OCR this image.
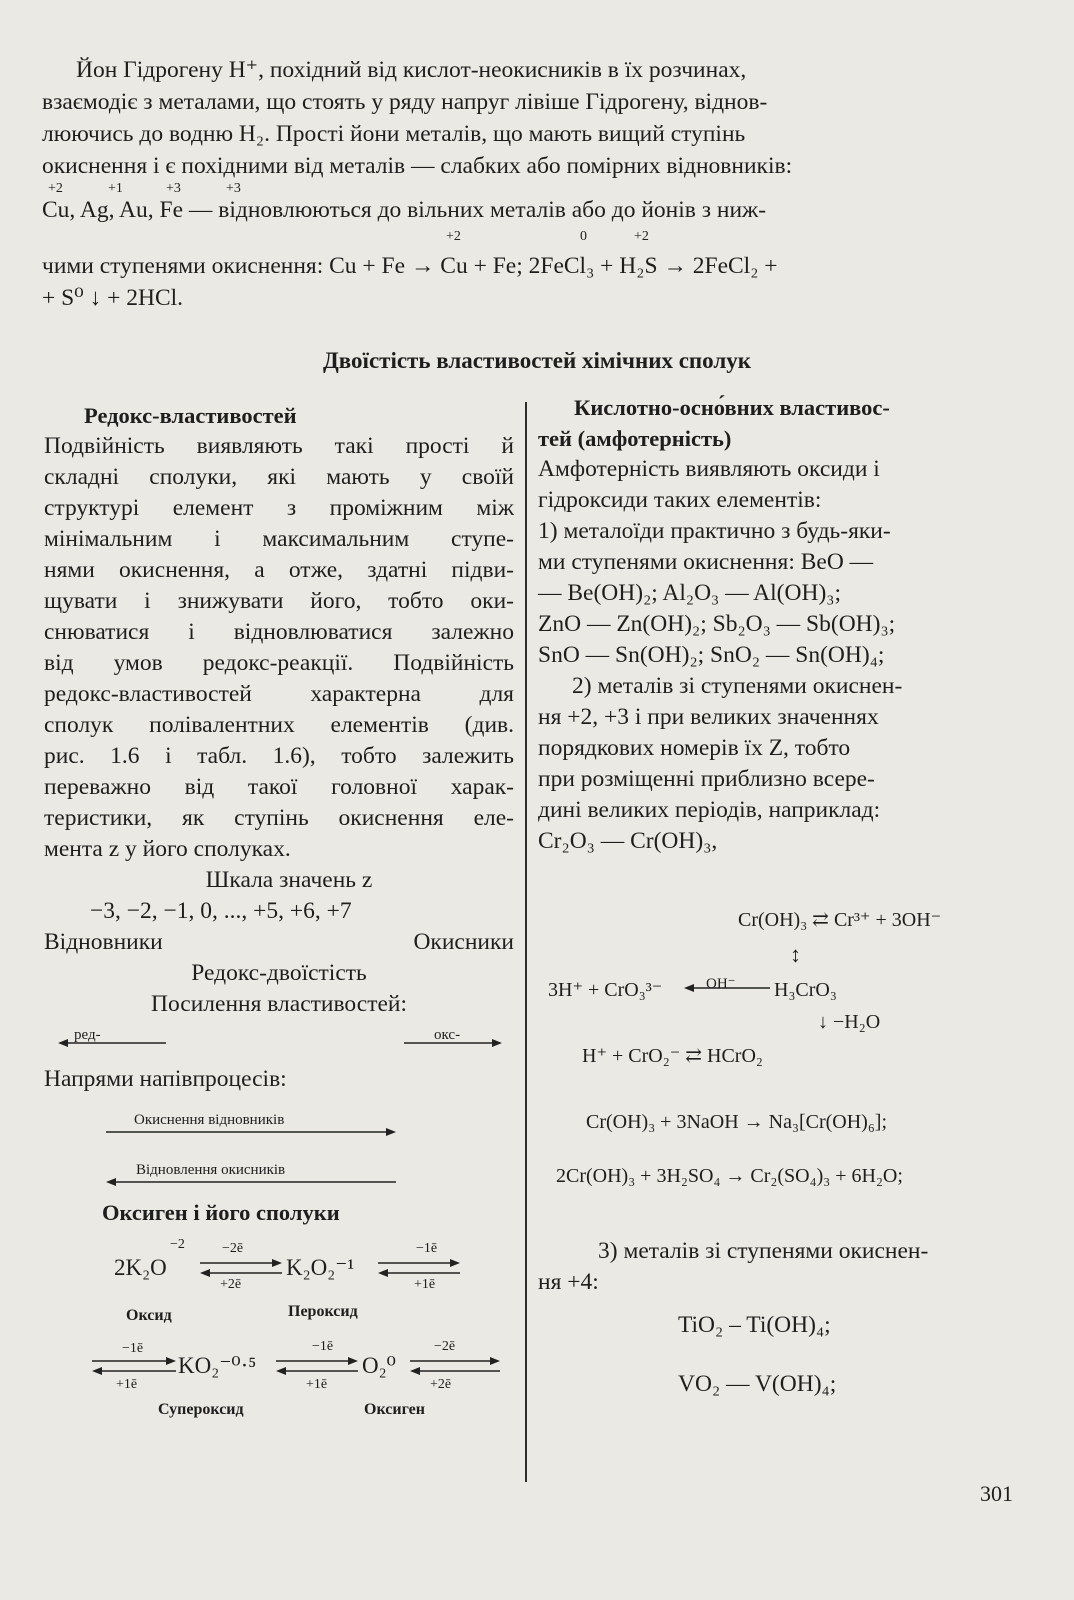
Йон Гідрогену H⁺, похідний від кислот-неокисників в їх розчинах,
взаємодіє з металами, що стоять у ряду напруг лівіше Гідрогену, віднов-
люючись до водню H₂. Прості йони металів, що мають вищий ступінь
окиснення і є похідними від металів — слабких або помірних відновників:
+2	+1	+3	+3
Cu, Ag, Au, Fe — відновлюються до вільних металів або до йонів з ниж-
+2	0	+2
чими ступенями окиснення: Cu + Fe → Cu + Fe; 2FeCl₃ + H₂S → 2FeCl₂ +
+ S⁰ ↓ + 2HCl.
Двоїстість властивостей хімічних сполук
Редокс-властивостей
Подвійність виявляють такі прості й
складні сполуки, які мають у своїй
структурі елемент з проміжним між
мінімальним і максимальним ступе-
нями окиснення, а отже, здатні підви-
щувати і знижувати його, тобто оки-
снюватися і відновлюватися залежно
від умов редокс-реакції. Подвійність
редокс-властивостей характерна для
сполук полівалентних елементів (див.
рис. 1.6 і табл. 1.6), тобто залежить
переважно від такої головної харак-
теристики, як ступінь окиснення еле-
мента z у його сполуках.
Шкала значень z
−3, −2, −1, 0, ..., +5, +6, +7
Відновники	Окисники
Редокс-двоїстість
Посилення властивостей:
ред-	окс-
Напрями напівпроцесів:
Окиснення відновників
Відновлення окисників
Оксиген і його сполуки
−2
2K₂O
−2ē
+2ē
K₂O₂⁻¹
−1ē
+1ē
Оксид	Пероксид
−1ē
+1ē
KO₂⁻⁰·⁵
−1ē
+1ē
O₂⁰
−2ē
+2ē
Супероксид	Оксиген
Кислотно-осно́вних властивос-
тей (амфотерність)
Амфотерність виявляють оксиди і
гідроксиди таких елементів:
1) металоїди практично з будь-яки-
ми ступенями окиснення: BeO —
— Be(OH)₂; Al₂O₃ — Al(OH)₃;
ZnO — Zn(OH)₂; Sb₂O₃ — Sb(OH)₃;
SnO — Sn(OH)₂; SnO₂ — Sn(OH)₄;
2) металів зі ступенями окиснен-
ня +2, +3 і при великих значеннях
порядкових номерів їх Z, тобто
при розміщенні приблизно всере-
дині великих періодів, наприклад:
Cr₂O₃ — Cr(OH)₃,
Cr(OH)₃ ⇄ Cr³⁺ + 3OH⁻
↕
3H⁺ + CrO₃³⁻	OH⁻ H₃CrO₃
↓ −H₂O
H⁺ + CrO₂⁻ ⇄ HCrO₂
Cr(OH)₃ + 3NaOH → Na₃[Cr(OH)₆];
2Cr(OH)₃ + 3H₂SO₄ → Cr₂(SO₄)₃ + 6H₂O;
3) металів зі ступенями окиснен-
ня +4:
TiO₂ – Ti(OH)₄;
VO₂ — V(OH)₄;
301
